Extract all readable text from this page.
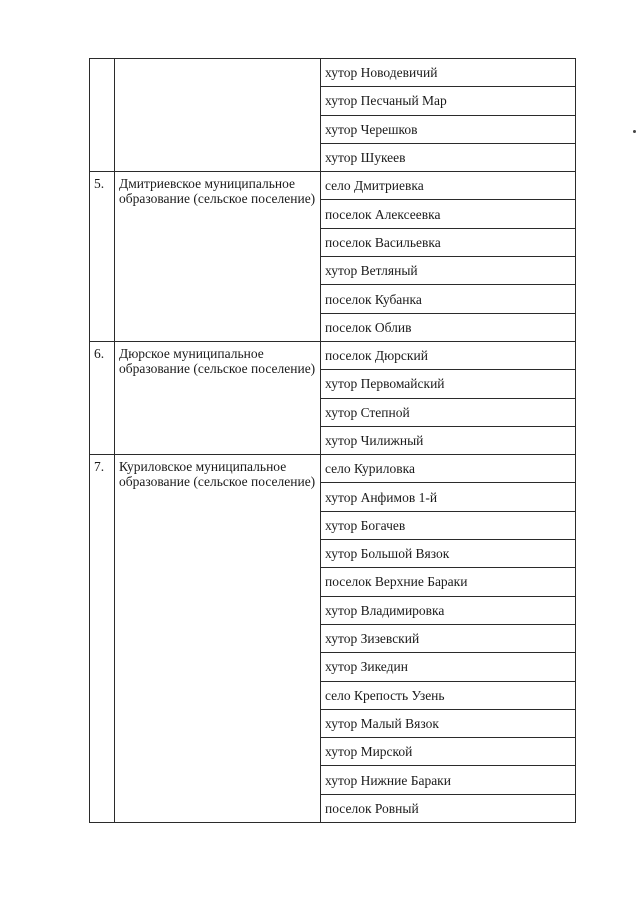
		хутор Новодевичий
		хутор Песчаный Мар
		хутор Черешков
		хутор Шукеев
5.	Дмитриевское муниципальное образование (сельское поселение)	село Дмитриевка
		поселок Алексеевка
		поселок Васильевка
		хутор Ветляный
		поселок Кубанка
		поселок Облив
6.	Дюрское муниципальное образование (сельское поселение)	поселок Дюрский
		хутор Первомайский
		хутор Степной
		хутор Чилижный
7.	Куриловское муниципальное образование (сельское поселение)	село Куриловка
		хутор Анфимов 1-й
		хутор Богачев
		хутор Большой Вязок
		поселок Верхние Бараки
		хутор Владимировка
		хутор Зизевский
		хутор Зикедин
		село Крепость Узень
		хутор Малый Вязок
		хутор Мирской
		хутор Нижние Бараки
		поселок Ровный
